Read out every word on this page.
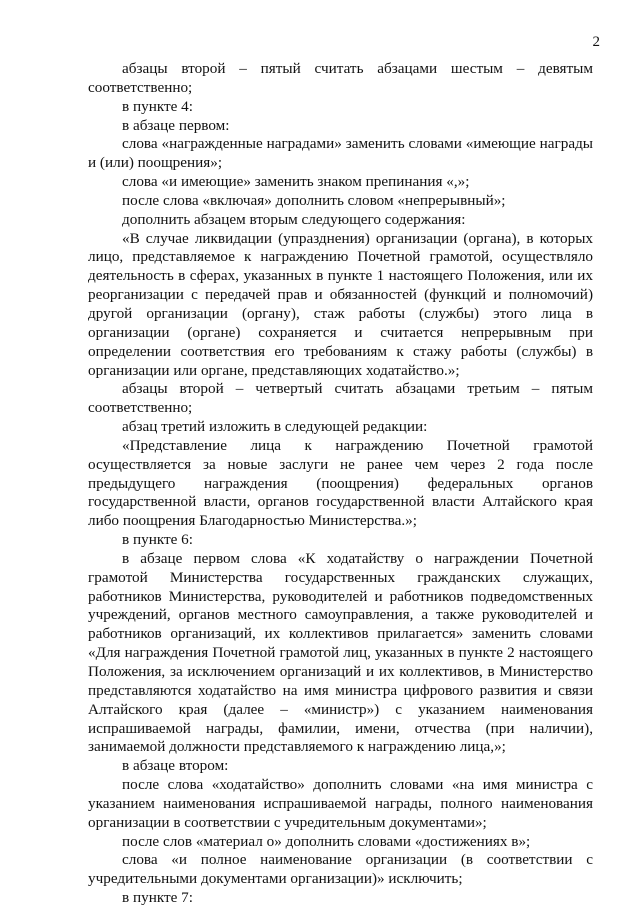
2

абзацы второй – пятый считать абзацами шестым – девятым соответственно;

в пункте 4:

в абзаце первом:

слова «награжденные наградами» заменить словами «имеющие награды и (или) поощрения»;

слова «и имеющие» заменить знаком препинания «,»;

после слова «включая» дополнить словом «непрерывный»;

дополнить абзацем вторым следующего содержания:

«В случае ликвидации (упразднения) организации (органа), в которых лицо, представляемое к награждению Почетной грамотой, осуществляло деятельность в сферах, указанных в пункте 1 настоящего Положения, или их реорганизации с передачей прав и обязанностей (функций и полномочий) другой организации (органу), стаж работы (службы) этого лица в организации (органе) сохраняется и считается непрерывным при определении соответствия его требованиям к стажу работы (службы) в организации или органе, представляющих ходатайство.»;

абзацы второй – четвертый считать абзацами третьим – пятым соответственно;

абзац третий изложить в следующей редакции:

«Представление лица к награждению Почетной грамотой осуществляется за новые заслуги не ранее чем через 2 года после предыдущего награждения (поощрения) федеральных органов государственной власти, органов государственной власти Алтайского края либо поощрения Благодарностью Министерства.»;

в пункте 6:

в абзаце первом слова «К ходатайству о награждении Почетной грамотой Министерства государственных гражданских служащих, работников Министерства, руководителей и работников подведомственных учреждений, органов местного самоуправления, а также руководителей и работников организаций, их коллективов прилагается» заменить словами «Для награждения Почетной грамотой лиц, указанных в пункте 2 настоящего Положения, за исключением организаций и их коллективов, в Министерство представляются ходатайство на имя министра цифрового развития и связи Алтайского края (далее – «министр») с указанием наименования испрашиваемой награды, фамилии, имени, отчества (при наличии), занимаемой должности представляемого к награждению лица,»;

в абзаце втором:

после слова «ходатайство» дополнить словами «на имя министра с указанием наименования испрашиваемой награды, полного наименования организации в соответствии с учредительным документами»;

после слов «материал о» дополнить словами «достижениях в»;

слова «и полное наименование организации (в соответствии с учредительными документами организации)» исключить;

в пункте 7:
